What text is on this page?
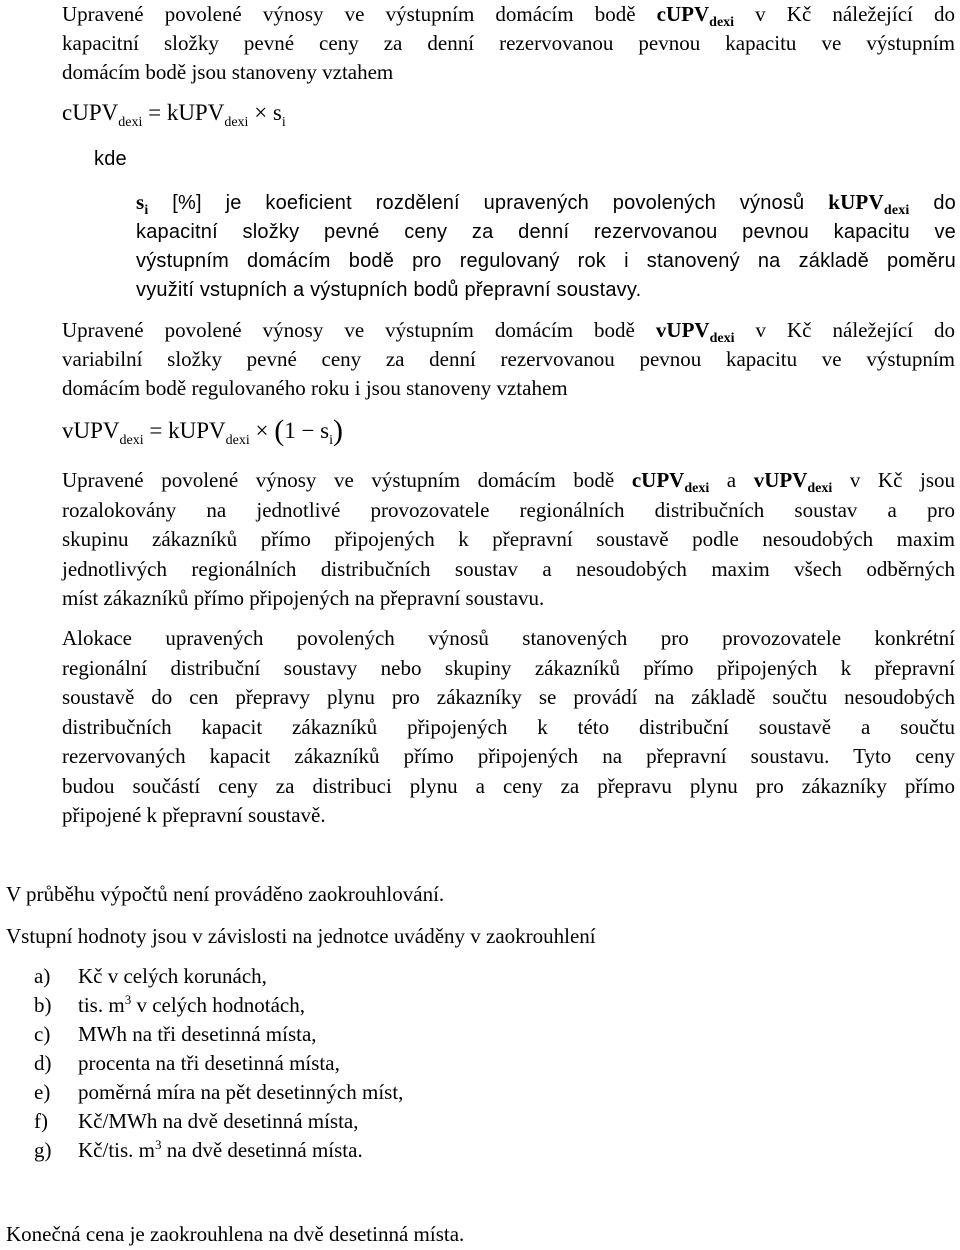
Upravené povolené výnosy ve výstupním domácím bodě cUPV$_{dexi}$ v Kč náležející do
kapacitní složky pevné ceny za denní rezervovanou pevnou kapacitu ve výstupním
domácím bodě jsou stanoveny vztahem
cUPV$_{dexi}$ = kUPV$_{dexi}$ × $s_i$
kde
$s_i$ [%] je koeficient rozdělení upravených povolených výnosů kUPV$_{dexi}$ do
kapacitní složky pevné ceny za denní rezervovanou pevnou kapacitu ve
výstupním domácím bodě pro regulovaný rok i stanovený na základě poměru
využití vstupních a výstupních bodů přepravní soustavy.
Upravené povolené výnosy ve výstupním domácím bodě vUPV$_{dexi}$ v Kč náležející do
variabilní složky pevné ceny za denní rezervovanou pevnou kapacitu ve výstupním
domácím bodě regulovaného roku i jsou stanoveny vztahem
vUPV$_{dexi}$ = kUPV$_{dexi}$ × $(1 - s_i)$
Upravené povolené výnosy ve výstupním domácím bodě cUPV$_{dexi}$ a vUPV$_{dexi}$ v Kč jsou
rozalokovány na jednotlivé provozovatele regionálních distribučních soustav a pro
skupinu zákazníků přímo připojených k přepravní soustavě podle nesoudobých maxim
jednotlivých regionálních distribučních soustav a nesoudobých maxim všech odběrných
míst zákazníků přímo připojených na přepravní soustavu.
Alokace upravených povolených výnosů stanovených pro provozovatele konkrétní
regionální distribuční soustavy nebo skupiny zákazníků přímo připojených k přepravní
soustavě do cen přepravy plynu pro zákazníky se provádí na základě součtu nesoudobých
distribučních kapacit zákazníků připojených k této distribuční soustavě a součtu
rezervovaných kapacit zákazníků přímo připojených na přepravní soustavu. Tyto ceny
budou součástí ceny za distribuci plynu a ceny za přepravu plynu pro zákazníky přímo
připojené k přepravní soustavě.
V průběhu výpočtů není prováděno zaokrouhlování.
Vstupní hodnoty jsou v závislosti na jednotce uváděny v zaokrouhlení
a) Kč v celých korunách,
b) tis. $m^3$ v celých hodnotách,
c) MWh na tři desetinná místa,
d) procenta na tři desetinná místa,
e) poměrná míra na pět desetinných míst,
f) Kč/MWh na dvě desetinná místa,
g) Kč/tis. $m^3$ na dvě desetinná místa.
Konečná cena je zaokrouhlena na dvě desetinná místa.
